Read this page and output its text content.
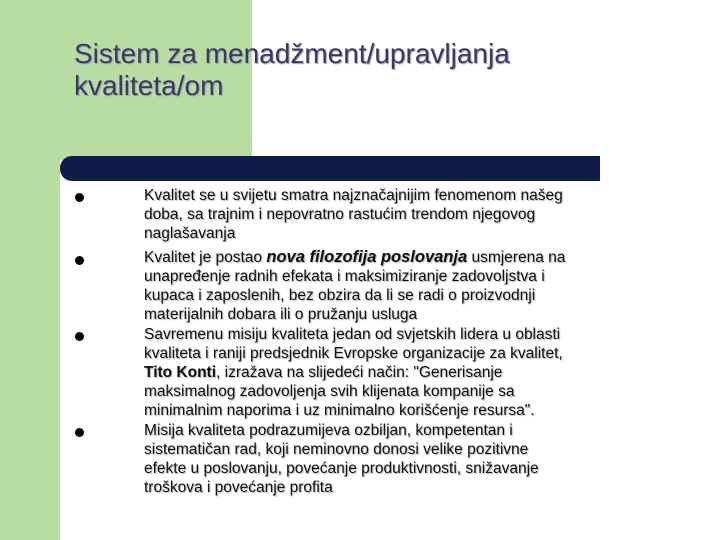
Sistem za menadžment/upravljanja
kvaliteta/om
Kvalitet se u svijetu smatra najznačajnijim fenomenom našeg
doba, sa trajnim i nepovratno rastućim trendom njegovog
naglašavanja
Kvalitet je postao nova filozofija poslovanja usmjerena na
unapređenje radnih efekata i maksimiziranje zadovoljstva i
kupaca i zaposlenih, bez obzira da li se radi o proizvodnji
materijalnih dobara ili o pružanju usluga
Savremenu misiju kvaliteta jedan od svjetskih lidera u oblasti
kvaliteta i raniji predsjednik Evropske organizacije za kvalitet,
Tito Konti, izražava na slijedeći način: "Generisanje
maksimalnog zadovoljenja svih klijenata kompanije sa
minimalnim naporima i uz minimalno korišćenje resursa".
Misija kvaliteta podrazumijeva ozbiljan, kompetentan i
sistematičan rad, koji neminovno donosi velike pozitivne
efekte u poslovanju, povećanje produktivnosti, snižavanje
troškova i povećanje profita
